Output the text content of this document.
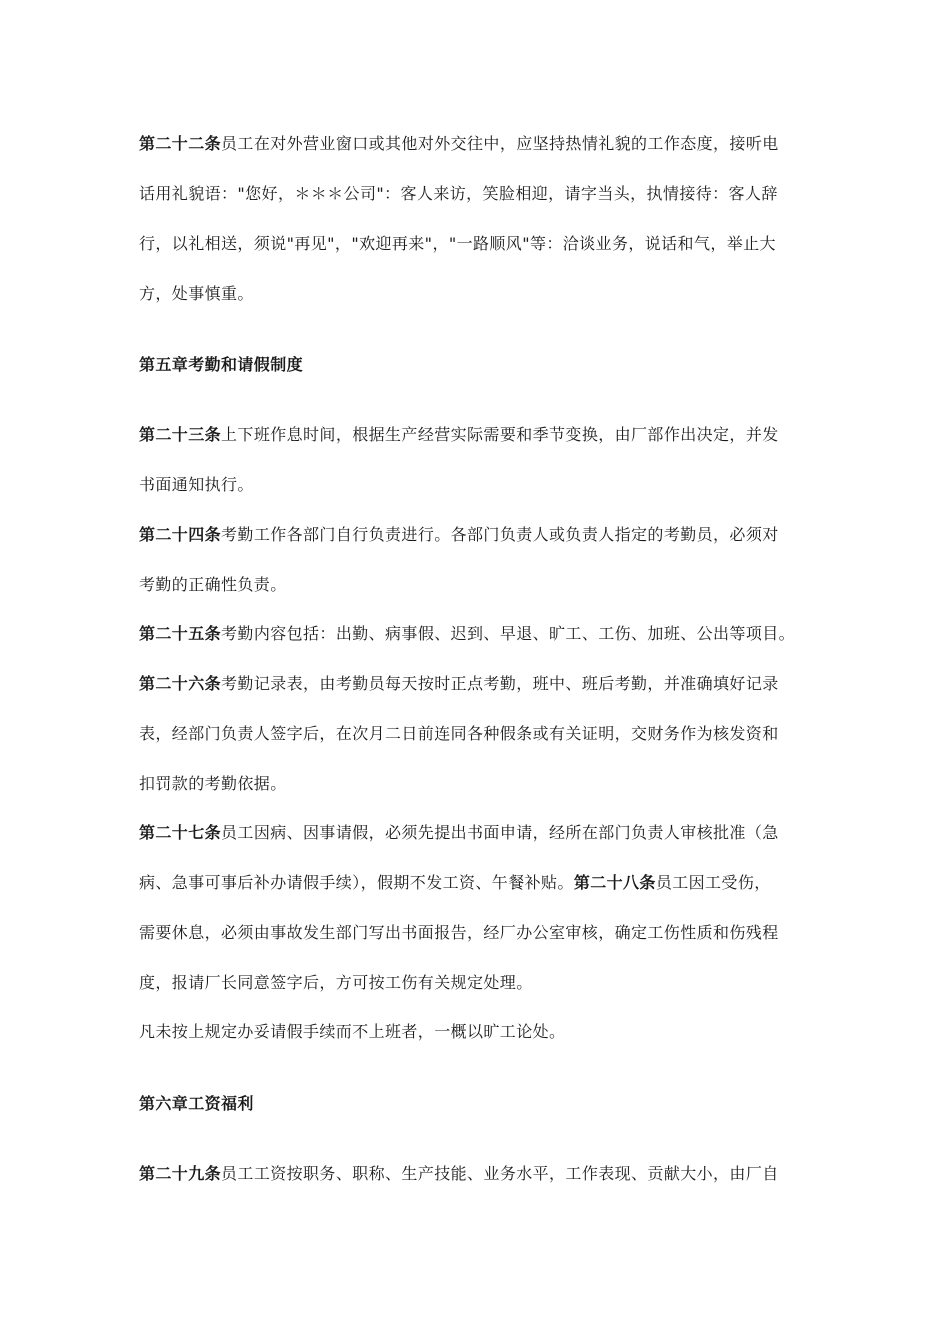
第二十二条员工在对外营业窗口或其他对外交往中，应坚持热情礼貌的工作态度，接听电
话用礼貌语："您好，＊＊＊公司"：客人来访，笑脸相迎，请字当头，执情接待：客人辞
行，以礼相送，须说"再见"，"欢迎再来"，"一路顺风"等：洽谈业务，说话和气，举止大
方，处事慎重。
第五章考勤和请假制度
第二十三条上下班作息时间，根据生产经营实际需要和季节变换，由厂部作出决定，并发
书面通知执行。
第二十四条考勤工作各部门自行负责进行。各部门负责人或负责人指定的考勤员，必须对
考勤的正确性负责。
第二十五条考勤内容包括：出勤、病事假、迟到、早退、旷工、工伤、加班、公出等项目。
第二十六条考勤记录表，由考勤员每天按时正点考勤，班中、班后考勤，并准确填好记录
表，经部门负责人签字后，在次月二日前连同各种假条或有关证明，交财务作为核发资和
扣罚款的考勤依据。
第二十七条员工因病、因事请假，必须先提出书面申请，经所在部门负责人审核批准（急
病、急事可事后补办请假手续），假期不发工资、午餐补贴。第二十八条员工因工受伤，
需要休息，必须由事故发生部门写出书面报告，经厂办公室审核，确定工伤性质和伤残程
度，报请厂长同意签字后，方可按工伤有关规定处理。
凡未按上规定办妥请假手续而不上班者，一概以旷工论处。
第六章工资福利
第二十九条员工工资按职务、职称、生产技能、业务水平，工作表现、贡献大小，由厂自
